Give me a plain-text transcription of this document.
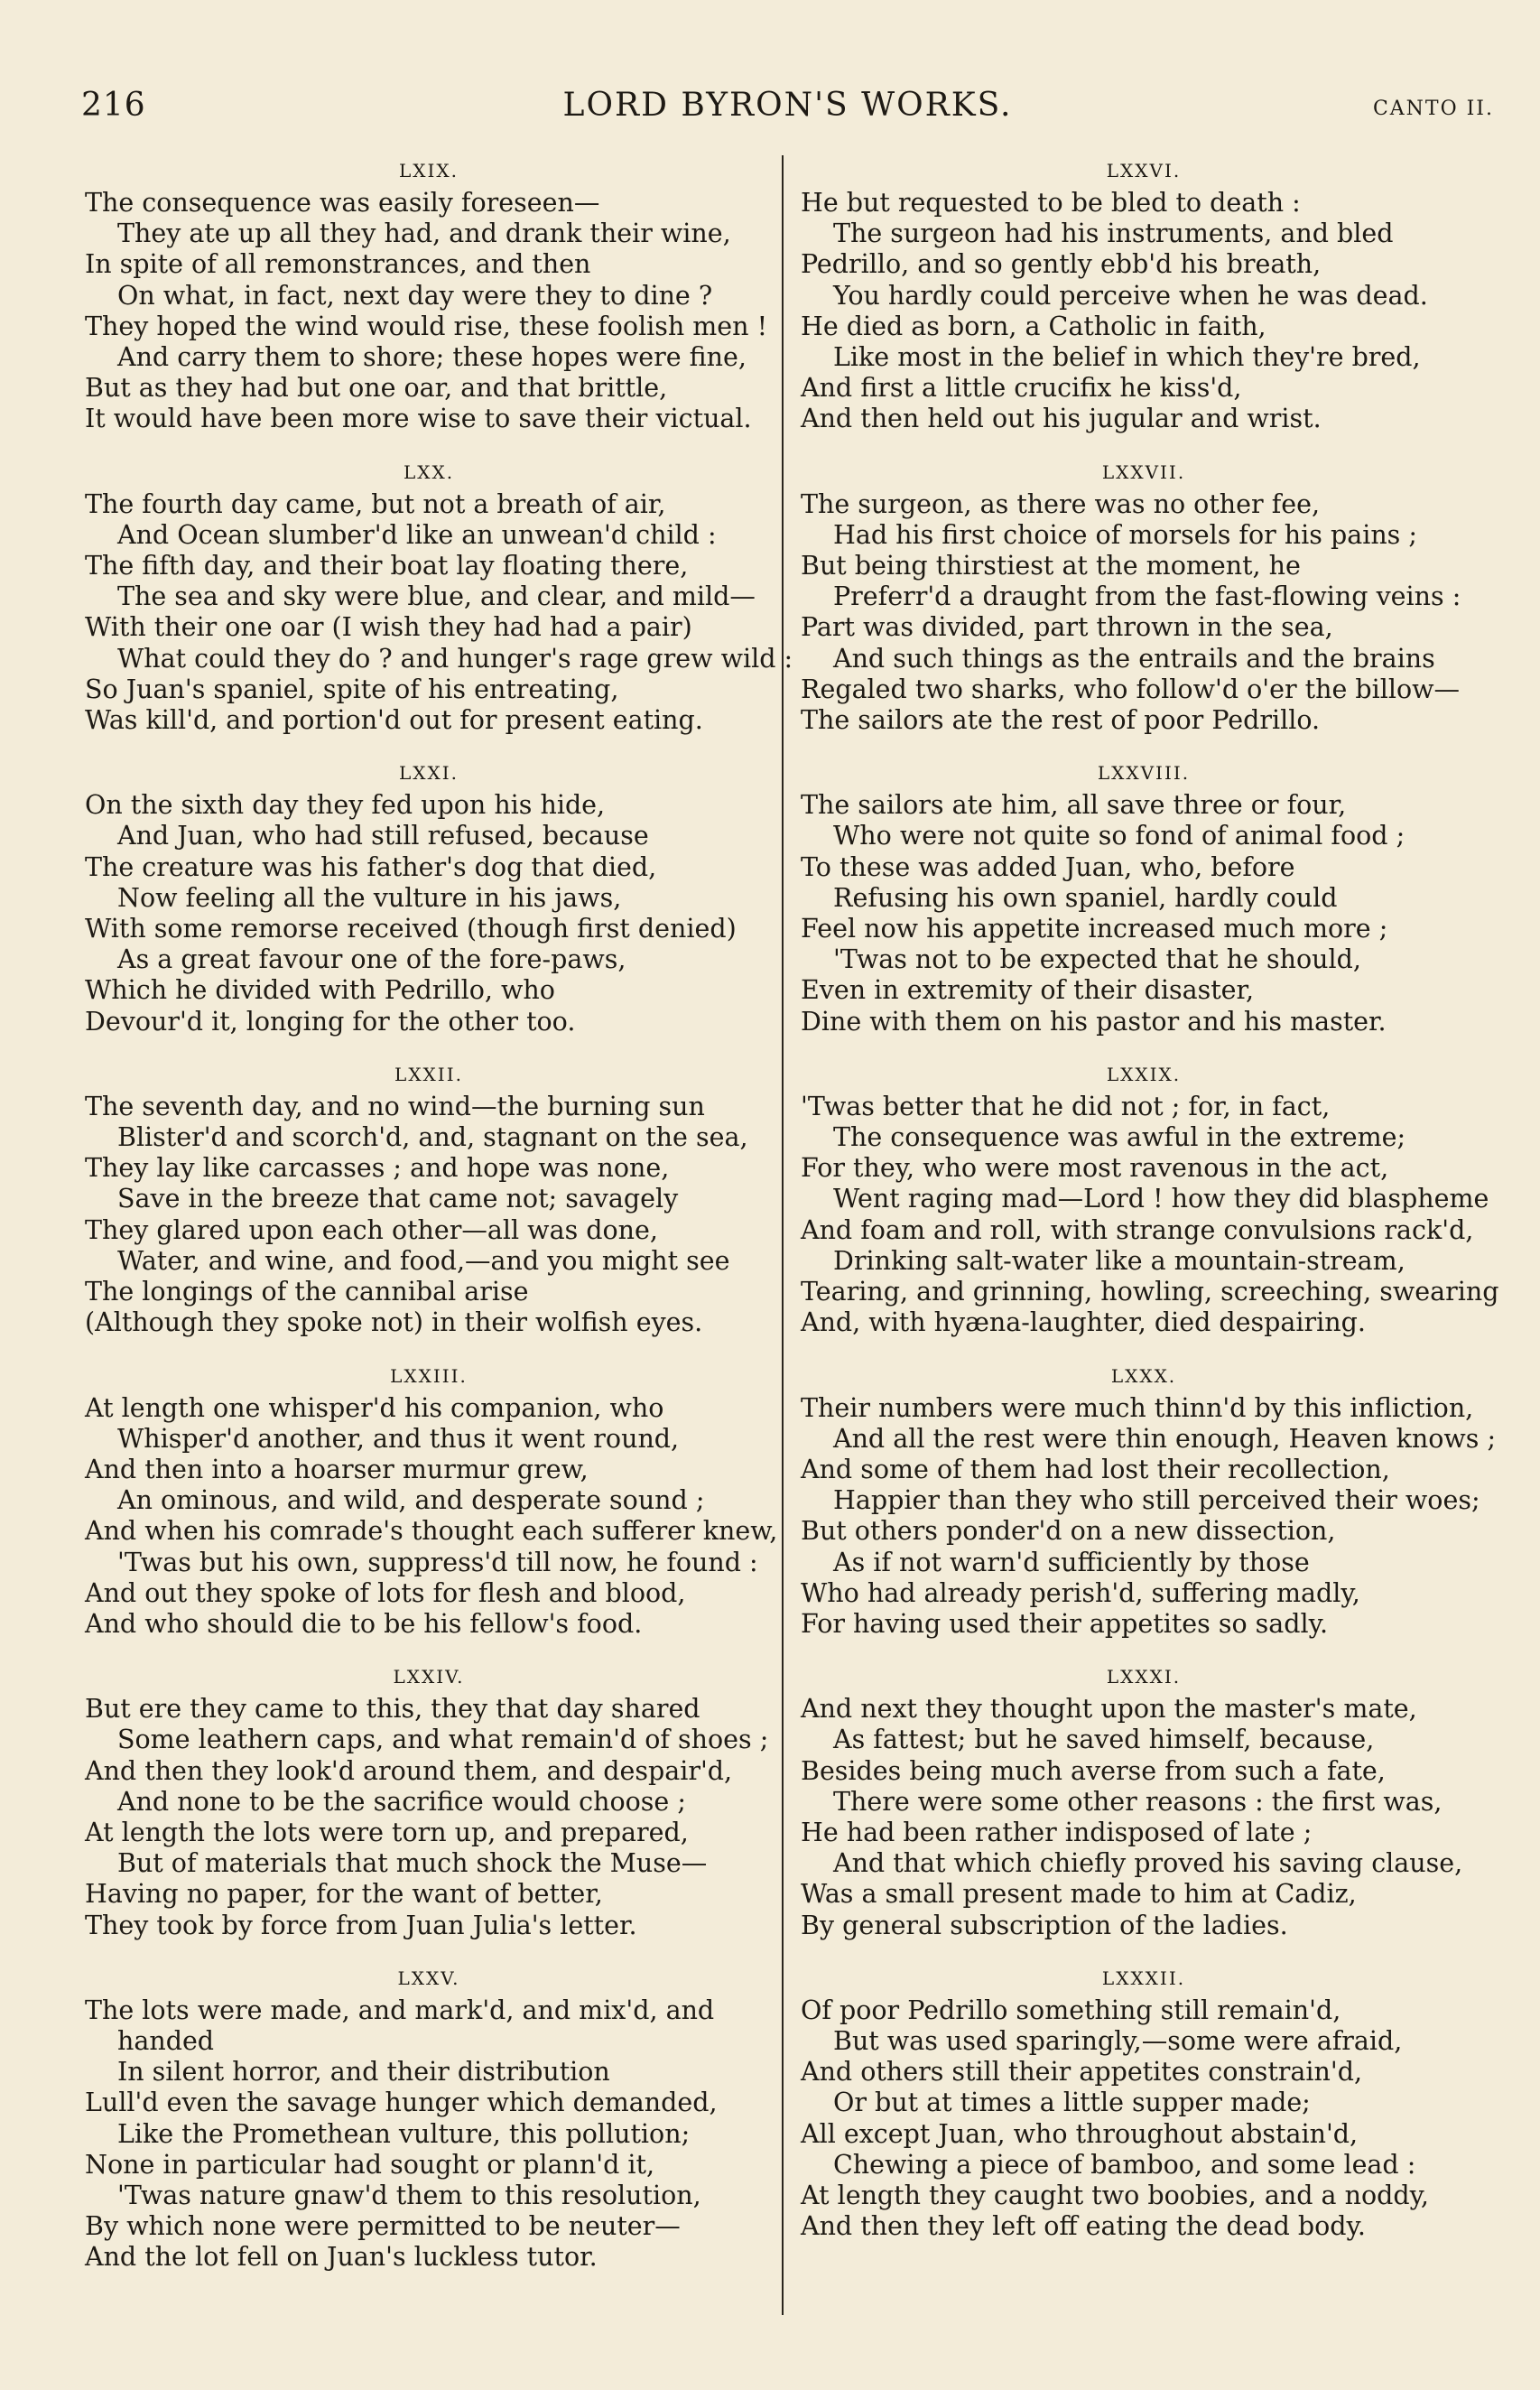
216	LORD BYRON'S WORKS.	CANTO II.
LXIX.
The consequence was easily foreseen—
They ate up all they had, and drank their wine,
In spite of all remonstrances, and then
On what, in fact, next day were they to dine ?
They hoped the wind would rise, these foolish men !
And carry them to shore; these hopes were fine,
But as they had but one oar, and that brittle,
It would have been more wise to save their victual.
LXX.
The fourth day came, but not a breath of air,
And Ocean slumber'd like an unwean'd child :
The fifth day, and their boat lay floating there,
The sea and sky were blue, and clear, and mild—
With their one oar (I wish they had had a pair)
What could they do ? and hunger's rage grew wild :
So Juan's spaniel, spite of his entreating,
Was kill'd, and portion'd out for present eating.
LXXI.
On the sixth day they fed upon his hide,
And Juan, who had still refused, because
The creature was his father's dog that died,
Now feeling all the vulture in his jaws,
With some remorse received (though first denied)
As a great favour one of the fore-paws,
Which he divided with Pedrillo, who
Devour'd it, longing for the other too.
LXXII.
The seventh day, and no wind—the burning sun
Blister'd and scorch'd, and, stagnant on the sea,
They lay like carcasses ; and hope was none,
Save in the breeze that came not; savagely
They glared upon each other—all was done,
Water, and wine, and food,—and you might see
The longings of the cannibal arise
(Although they spoke not) in their wolfish eyes.
LXXIII.
At length one whisper'd his companion, who
Whisper'd another, and thus it went round,
And then into a hoarser murmur grew,
An ominous, and wild, and desperate sound ;
And when his comrade's thought each sufferer knew,
'Twas but his own, suppress'd till now, he found :
And out they spoke of lots for flesh and blood,
And who should die to be his fellow's food.
LXXIV.
But ere they came to this, they that day shared
Some leathern caps, and what remain'd of shoes ;
And then they look'd around them, and despair'd,
And none to be the sacrifice would choose ;
At length the lots were torn up, and prepared,
But of materials that much shock the Muse—
Having no paper, for the want of better,
They took by force from Juan Julia's letter.
LXXV.
The lots were made, and mark'd, and mix'd, and
handed
In silent horror, and their distribution
Lull'd even the savage hunger which demanded,
Like the Promethean vulture, this pollution;
None in particular had sought or plann'd it,
'Twas nature gnaw'd them to this resolution,
By which none were permitted to be neuter—
And the lot fell on Juan's luckless tutor.
LXXVI.
He but requested to be bled to death :
The surgeon had his instruments, and bled
Pedrillo, and so gently ebb'd his breath,
You hardly could perceive when he was dead.
He died as born, a Catholic in faith,
Like most in the belief in which they're bred,
And first a little crucifix he kiss'd,
And then held out his jugular and wrist.
LXXVII.
The surgeon, as there was no other fee,
Had his first choice of morsels for his pains ;
But being thirstiest at the moment, he
Preferr'd a draught from the fast-flowing veins :
Part was divided, part thrown in the sea,
And such things as the entrails and the brains
Regaled two sharks, who follow'd o'er the billow—
The sailors ate the rest of poor Pedrillo.
LXXVIII.
The sailors ate him, all save three or four,
Who were not quite so fond of animal food ;
To these was added Juan, who, before
Refusing his own spaniel, hardly could
Feel now his appetite increased much more ;
'Twas not to be expected that he should,
Even in extremity of their disaster,
Dine with them on his pastor and his master.
LXXIX.
'Twas better that he did not ; for, in fact,
The consequence was awful in the extreme;
For they, who were most ravenous in the act,
Went raging mad—Lord ! how they did blaspheme
And foam and roll, with strange convulsions rack'd,
Drinking salt-water like a mountain-stream,
Tearing, and grinning, howling, screeching, swearing
And, with hyæna-laughter, died despairing.
LXXX.
Their numbers were much thinn'd by this infliction,
And all the rest were thin enough, Heaven knows ;
And some of them had lost their recollection,
Happier than they who still perceived their woes;
But others ponder'd on a new dissection,
As if not warn'd sufficiently by those
Who had already perish'd, suffering madly,
For having used their appetites so sadly.
LXXXI.
And next they thought upon the master's mate,
As fattest; but he saved himself, because,
Besides being much averse from such a fate,
There were some other reasons : the first was,
He had been rather indisposed of late ;
And that which chiefly proved his saving clause,
Was a small present made to him at Cadiz,
By general subscription of the ladies.
LXXXII.
Of poor Pedrillo something still remain'd,
But was used sparingly,—some were afraid,
And others still their appetites constrain'd,
Or but at times a little supper made;
All except Juan, who throughout abstain'd,
Chewing a piece of bamboo, and some lead :
At length they caught two boobies, and a noddy,
And then they left off eating the dead body.
